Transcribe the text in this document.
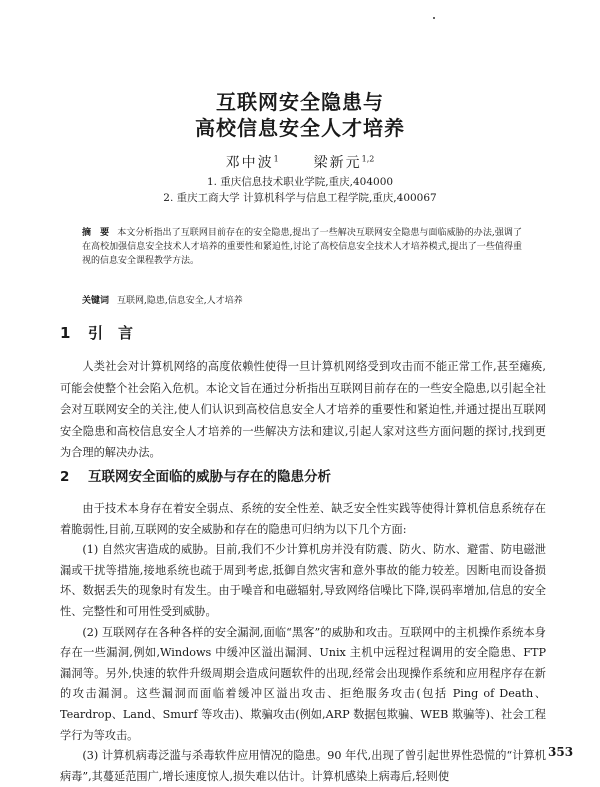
互联网安全隐患与
高校信息安全人才培养
邓中波$^1$ 梁新元$^{1,2}$
1. 重庆信息技术职业学院,重庆,404000
2. 重庆工商大学 计算机科学与信息工程学院,重庆,400067
摘　要 本文分析指出了互联网目前存在的安全隐患,提出了一些解决互联网安全隐患与面临威胁的办法,强调了在高校加强信息安全技术人才培养的重要性和紧迫性,讨论了高校信息安全技术人才培养模式,提出了一些值得重视的信息安全课程教学方法。
关键词 互联网,隐患,信息安全,人才培养
1 引　言

人类社会对计算机网络的高度依赖性使得一旦计算机网络受到攻击而不能正常工作,甚至瘫痪,可能会使整个社会陷入危机。本论文旨在通过分析指出互联网目前存在的一些安全隐患,以引起全社会对互联网安全的关注,使人们认识到高校信息安全人才培养的重要性和紧迫性,并通过提出互联网安全隐患和高校信息安全人才培养的一些解决方法和建议,引起人家对这些方面问题的探讨,找到更为合理的解决办法。

2 互联网安全面临的威胁与存在的隐患分析

由于技术本身存在着安全弱点、系统的安全性差、缺乏安全性实践等使得计算机信息系统存在着脆弱性,目前,互联网的安全威胁和存在的隐患可归纳为以下几个方面:

(1) 自然灾害造成的威胁。目前,我们不少计算机房并没有防震、防火、防水、避雷、防电磁泄漏或干扰等措施,接地系统也疏于周到考虑,抵御自然灾害和意外事故的能力较差。因断电而设备损坏、数据丢失的现象时有发生。由于噪音和电磁辐射,导致网络信噪比下降,误码率增加,信息的安全性、完整性和可用性受到威胁。

(2) 互联网存在各种各样的安全漏洞,面临“黑客”的威胁和攻击。互联网中的主机操作系统本身存在一些漏洞,例如,Windows 中缓冲区溢出漏洞、Unix 主机中远程过程调用的安全隐患、FTP 漏洞等。另外,快速的软件升级周期会造成问题软件的出现,经常会出现操作系统和应用程序存在新的攻击漏洞。这些漏洞而面临着缓冲区溢出攻击、拒绝服务攻击(包括 Ping of Death、Teardrop、Land、Smurf 等攻击)、欺骗攻击(例如,ARP 数据包欺骗、WEB 欺骗等)、社会工程学行为等攻击。

(3) 计算机病毒泛滥与杀毒软件应用情况的隐患。90 年代,出现了曾引起世界性恐慌的“计算机病毒”,其蔓延范围广,增长速度惊人,损失难以估计。计算机感染上病毒后,轻则使

353
